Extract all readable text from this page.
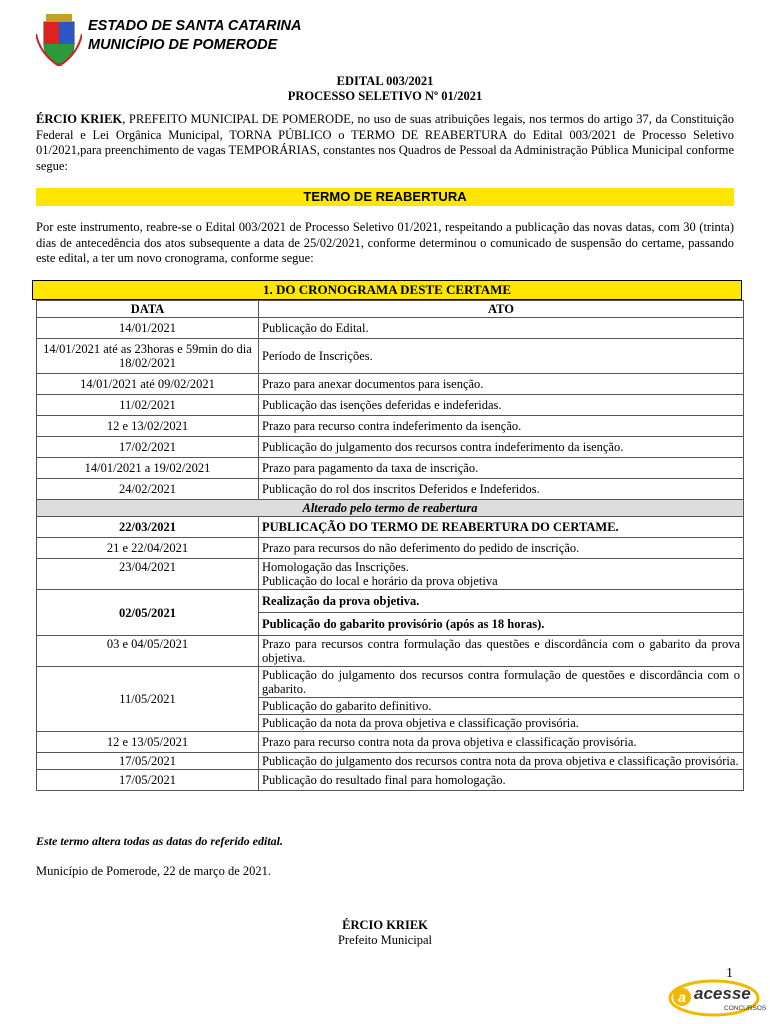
ESTADO DE SANTA CATARINA
MUNICÍPIO DE POMERODE
EDITAL 003/2021
PROCESSO SELETIVO Nº 01/2021
ÉRCIO KRIEK, PREFEITO MUNICIPAL DE POMERODE, no uso de suas atribuições legais, nos termos do artigo 37, da Constituição Federal e Lei Orgânica Municipal, TORNA PÚBLICO o TERMO DE REABERTURA do Edital 003/2021 de Processo Seletivo 01/2021,para preenchimento de vagas TEMPORÁRIAS, constantes nos Quadros de Pessoal da Administração Pública Municipal conforme segue:
TERMO DE REABERTURA
Por este instrumento, reabre-se o Edital 003/2021 de Processo Seletivo 01/2021, respeitando a publicação das novas datas, com 30 (trinta) dias de antecedência dos atos subsequente a data de 25/02/2021, conforme determinou o comunicado de suspensão do certame, passando este edital, a ter um novo cronograma, conforme segue:
1. DO CRONOGRAMA DESTE CERTAME
DATA	ATO
14/01/2021	Publicação do Edital.
14/01/2021 até as 23horas e 59min do dia 18/02/2021	Período de Inscrições.
14/01/2021 até 09/02/2021	Prazo para anexar documentos para isenção.
11/02/2021	Publicação das isenções deferidas e indeferidas.
12 e 13/02/2021	Prazo para recurso contra indeferimento da isenção.
17/02/2021	Publicação do julgamento dos recursos contra indeferimento da isenção.
14/01/2021 a 19/02/2021	Prazo para pagamento da taxa de inscrição.
24/02/2021	Publicação do rol dos inscritos Deferidos e Indeferidos.
Alterado pelo termo de reabertura	
22/03/2021	PUBLICAÇÃO DO TERMO DE REABERTURA DO CERTAME.
21 e 22/04/2021	Prazo para recursos do não deferimento do pedido de inscrição.
23/04/2021	Homologação das Inscrições.
Publicação do local e horário da prova objetiva

02/05/2021	Realização da prova objetiva.
	Publicação do gabarito provisório (após as 18 horas).
03 e 04/05/2021	Prazo para recursos contra formulação das questões e discordância com o gabarito da prova objetiva.
11/05/2021	Publicação do julgamento dos recursos contra formulação de questões e discordância com o gabarito.
	Publicação do gabarito definitivo.
	Publicação da nota da prova objetiva e classificação provisória.
12 e 13/05/2021	Prazo para recurso contra nota da prova objetiva e classificação provisória.
17/05/2021	Publicação do julgamento dos recursos contra nota da prova objetiva e classificação provisória.
17/05/2021	Publicação do resultado final para homologação.
Este termo altera todas as datas do referido edital.
Município de Pomerode, 22 de março de 2021.
ÉRCIO KRIEK
Prefeito Municipal
1
a acesse
CONCURSOS
